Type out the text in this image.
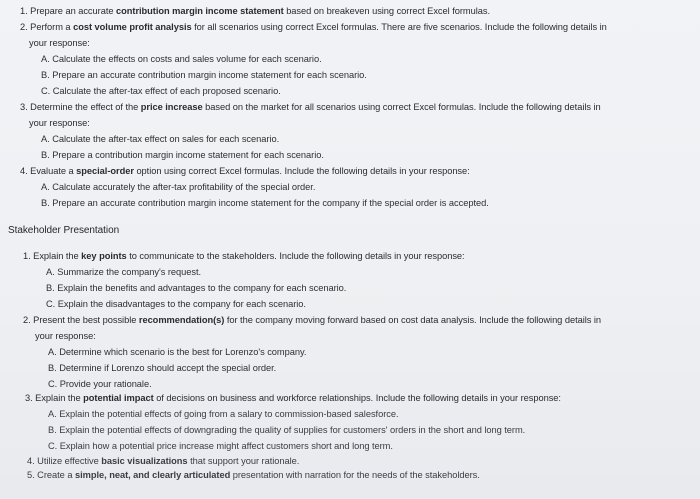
1. Prepare an accurate contribution margin income statement based on breakeven using correct Excel formulas.
2. Perform a cost volume profit analysis for all scenarios using correct Excel formulas. There are five scenarios. Include the following details in
your response:
A. Calculate the effects on costs and sales volume for each scenario.
B. Prepare an accurate contribution margin income statement for each scenario.
C. Calculate the after-tax effect of each proposed scenario.
3. Determine the effect of the price increase based on the market for all scenarios using correct Excel formulas. Include the following details in
your response:
A. Calculate the after-tax effect on sales for each scenario.
B. Prepare a contribution margin income statement for each scenario.
4. Evaluate a special-order option using correct Excel formulas. Include the following details in your response:
A. Calculate accurately the after-tax profitability of the special order.
B. Prepare an accurate contribution margin income statement for the company if the special order is accepted.
Stakeholder Presentation
1. Explain the key points to communicate to the stakeholders. Include the following details in your response:
A. Summarize the company's request.
B. Explain the benefits and advantages to the company for each scenario.
C. Explain the disadvantages to the company for each scenario.
2. Present the best possible recommendation(s) for the company moving forward based on cost data analysis. Include the following details in
your response:
A. Determine which scenario is the best for Lorenzo's company.
B. Determine if Lorenzo should accept the special order.
C. Provide your rationale.
3. Explain the potential impact of decisions on business and workforce relationships. Include the following details in your response:
A. Explain the potential effects of going from a salary to commission-based salesforce.
B. Explain the potential effects of downgrading the quality of supplies for customers' orders in the short and long term.
C. Explain how a potential price increase might affect customers short and long term.
4. Utilize effective basic visualizations that support your rationale.
5. Create a simple, neat, and clearly articulated presentation with narration for the needs of the stakeholders.
